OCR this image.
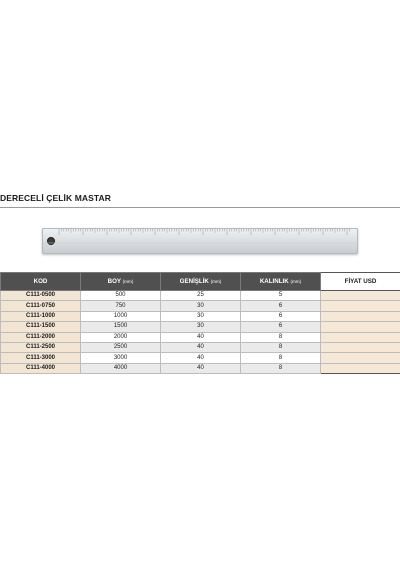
DERECELİ ÇELİK MASTAR
KOD	BOY (mm)	GENİŞLİK (mm)	KALINLIK (mm)	FİYAT USD
C111-0500	500	25	5	
C111-0750	750	30	6	
C111-1000	1000	30	6	
C111-1500	1500	30	6	
C111-2000	2000	40	8	
C111-2500	2500	40	8	
C111-3000	3000	40	8	
C111-4000	4000	40	8	
